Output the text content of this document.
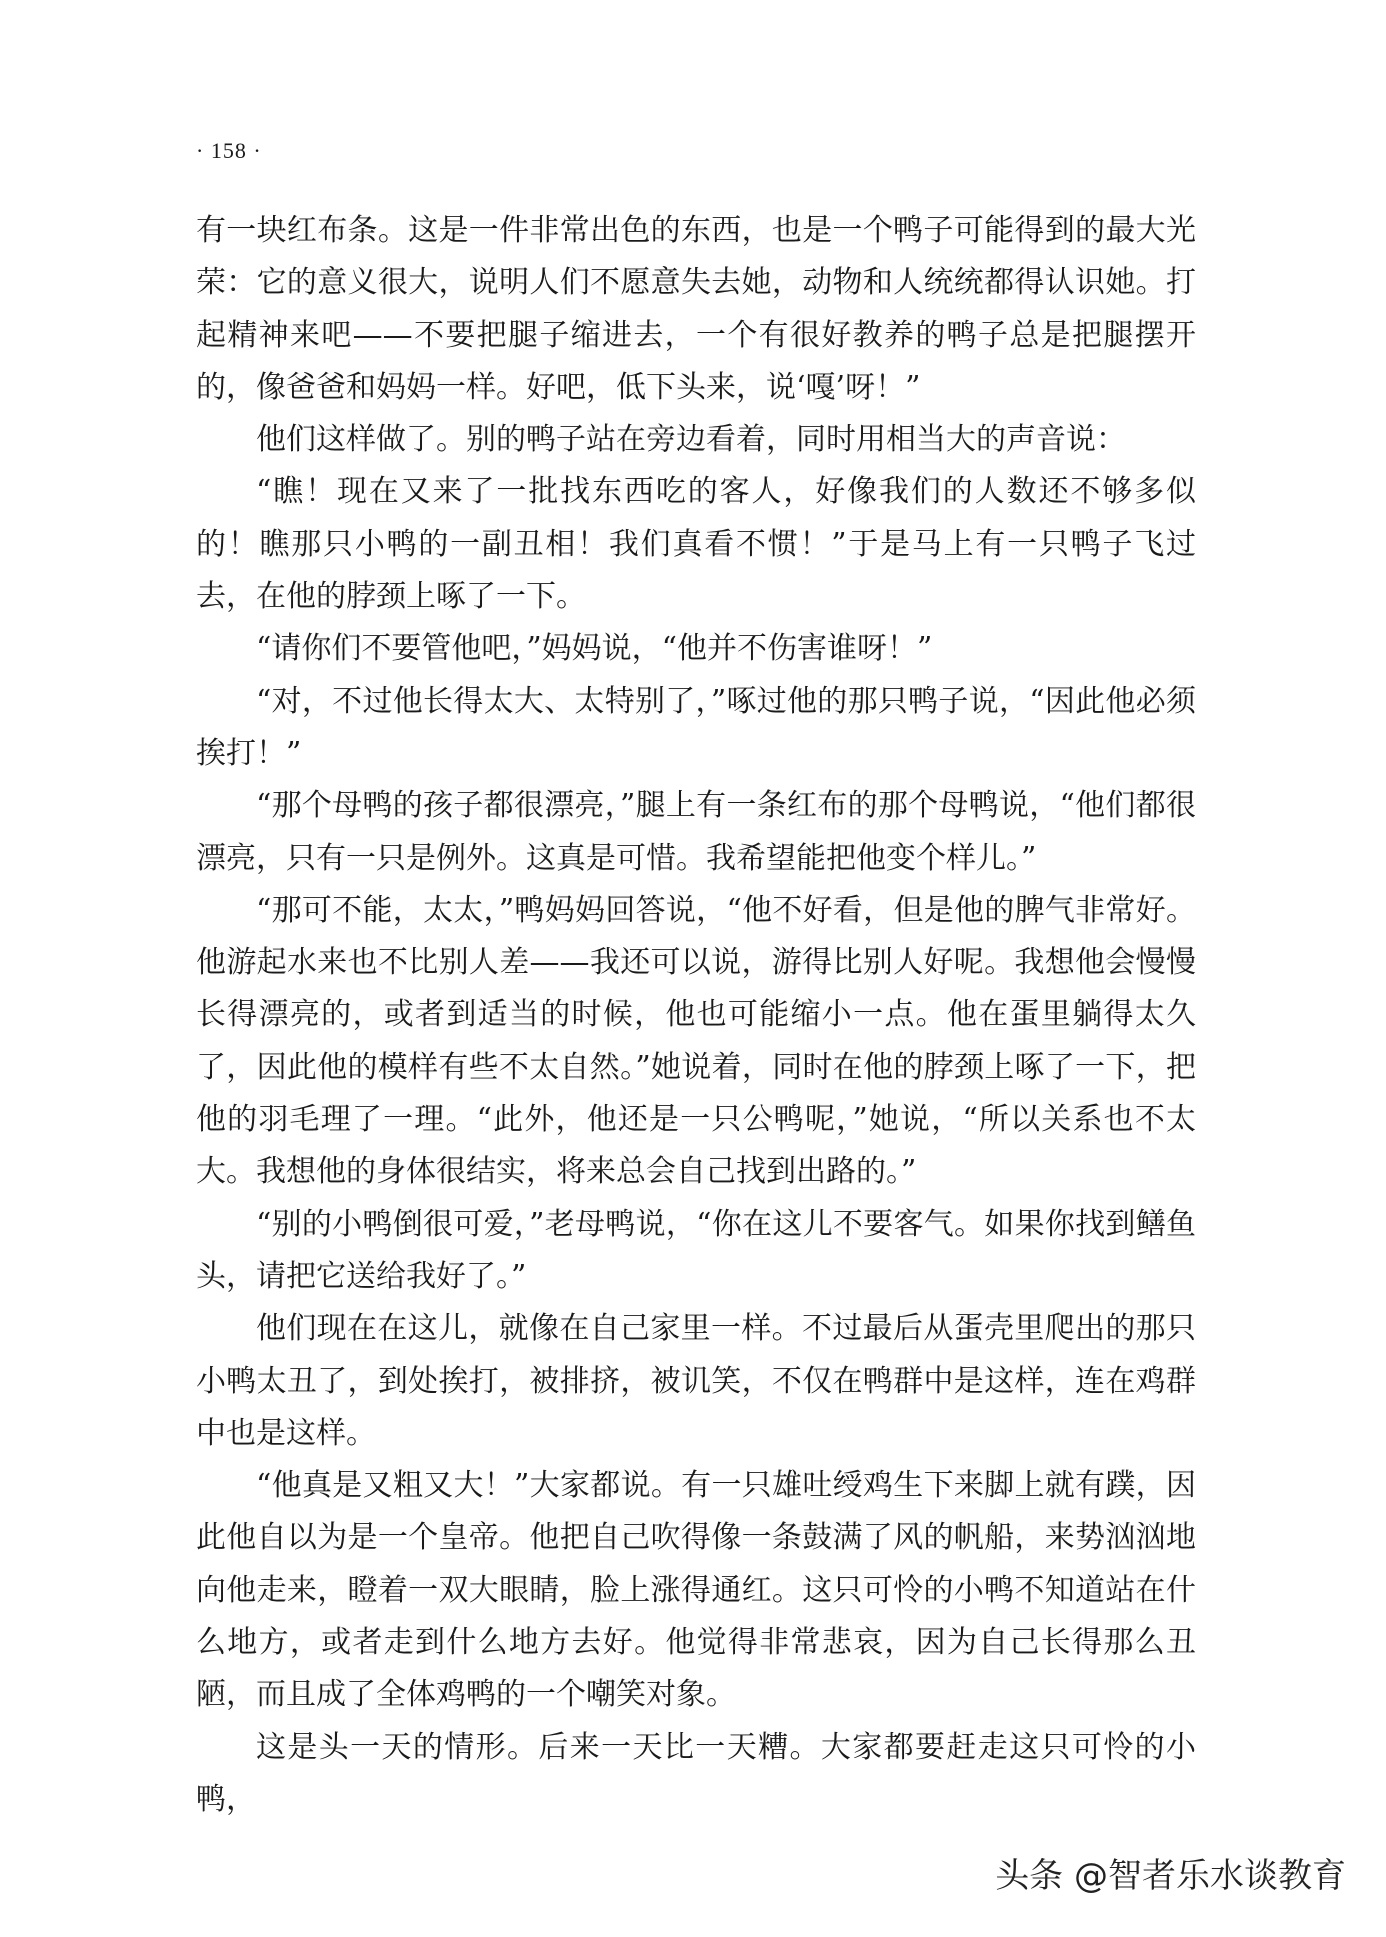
· 158 ·

有一块红布条。这是一件非常出色的东西，也是一个鸭子可能得到的最大光荣：它的意义很大，说明人们不愿意失去她，动物和人统统都得认识她。打起精神来吧——不要把腿子缩进去，一个有很好教养的鸭子总是把腿摆开的，像爸爸和妈妈一样。好吧，低下头来，说‘嘎’呀！”

他们这样做了。别的鸭子站在旁边看着，同时用相当大的声音说：

“瞧！现在又来了一批找东西吃的客人，好像我们的人数还不够多似的！瞧那只小鸭的一副丑相！我们真看不惯！”于是马上有一只鸭子飞过去，在他的脖颈上啄了一下。

“请你们不要管他吧，”妈妈说，“他并不伤害谁呀！”

“对，不过他长得太大、太特别了，”啄过他的那只鸭子说，“因此他必须挨打！”

“那个母鸭的孩子都很漂亮，”腿上有一条红布的那个母鸭说，“他们都很漂亮，只有一只是例外。这真是可惜。我希望能把他变个样儿。”

“那可不能，太太，”鸭妈妈回答说，“他不好看，但是他的脾气非常好。他游起水来也不比别人差——我还可以说，游得比别人好呢。我想他会慢慢长得漂亮的，或者到适当的时候，他也可能缩小一点。他在蛋里躺得太久了，因此他的模样有些不太自然。”她说着，同时在他的脖颈上啄了一下，把他的羽毛理了一理。“此外，他还是一只公鸭呢，”她说，“所以关系也不太大。我想他的身体很结实，将来总会自己找到出路的。”

“别的小鸭倒很可爱，”老母鸭说，“你在这儿不要客气。如果你找到鳝鱼头，请把它送给我好了。”

他们现在在这儿，就像在自己家里一样。不过最后从蛋壳里爬出的那只小鸭太丑了，到处挨打，被排挤，被讥笑，不仅在鸭群中是这样，连在鸡群中也是这样。

“他真是又粗又大！”大家都说。有一只雄吐绶鸡生下来脚上就有蹼，因此他自以为是一个皇帝。他把自己吹得像一条鼓满了风的帆船，来势汹汹地向他走来，瞪着一双大眼睛，脸上涨得通红。这只可怜的小鸭不知道站在什么地方，或者走到什么地方去好。他觉得非常悲哀，因为自己长得那么丑陋，而且成了全体鸡鸭的一个嘲笑对象。

这是头一天的情形。后来一天比一天糟。大家都要赶走这只可怜的小鸭，

头条 @智者乐水谈教育
